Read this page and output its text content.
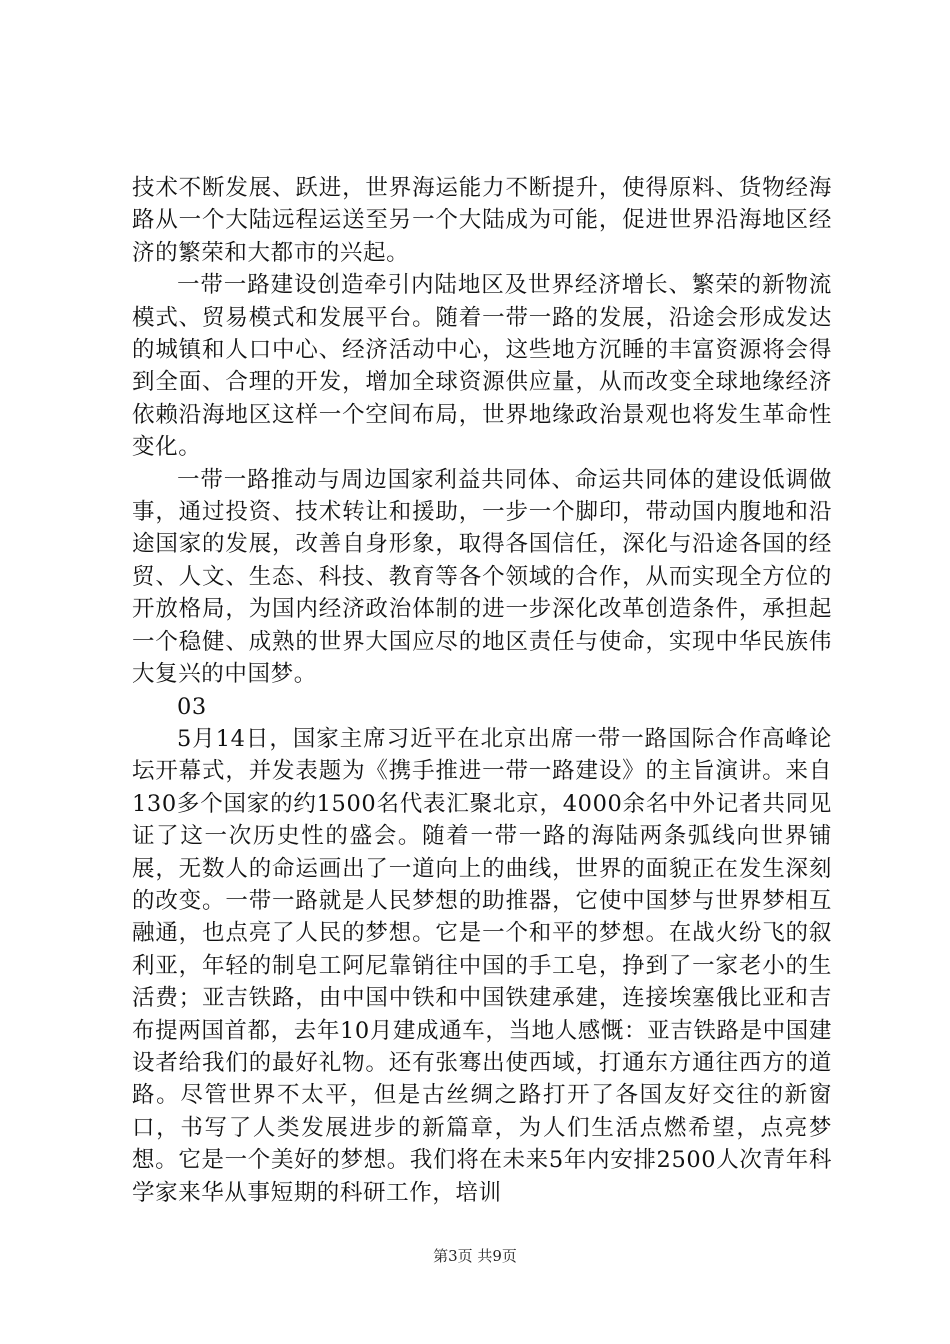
技术不断发展、跃进，世界海运能力不断提升，使得原料、货物经海路从一个大陆远程运送至另一个大陆成为可能，促进世界沿海地区经济的繁荣和大都市的兴起。

一带一路建设创造牵引内陆地区及世界经济增长、繁荣的新物流模式、贸易模式和发展平台。随着一带一路的发展，沿途会形成发达的城镇和人口中心、经济活动中心，这些地方沉睡的丰富资源将会得到全面、合理的开发，增加全球资源供应量，从而改变全球地缘经济依赖沿海地区这样一个空间布局，世界地缘政治景观也将发生革命性变化。

一带一路推动与周边国家利益共同体、命运共同体的建设低调做事，通过投资、技术转让和援助，一步一个脚印，带动国内腹地和沿途国家的发展，改善自身形象，取得各国信任，深化与沿途各国的经贸、人文、生态、科技、教育等各个领域的合作，从而实现全方位的开放格局，为国内经济政治体制的进一步深化改革创造条件，承担起一个稳健、成熟的世界大国应尽的地区责任与使命，实现中华民族伟大复兴的中国梦。

03

5月14日，国家主席习近平在北京出席一带一路国际合作高峰论坛开幕式，并发表题为《携手推进一带一路建设》的主旨演讲。来自130多个国家的约1500名代表汇聚北京，4000余名中外记者共同见证了这一次历史性的盛会。随着一带一路的海陆两条弧线向世界铺展，无数人的命运画出了一道向上的曲线，世界的面貌正在发生深刻的改变。一带一路就是人民梦想的助推器，它使中国梦与世界梦相互融通，也点亮了人民的梦想。它是一个和平的梦想。在战火纷飞的叙利亚，年轻的制皂工阿尼靠销往中国的手工皂，挣到了一家老小的生活费；亚吉铁路，由中国中铁和中国铁建承建，连接埃塞俄比亚和吉布提两国首都，去年10月建成通车，当地人感慨：亚吉铁路是中国建设者给我们的最好礼物。还有张骞出使西域，打通东方通往西方的道路。尽管世界不太平，但是古丝绸之路打开了各国友好交往的新窗口，书写了人类发展进步的新篇章，为人们生活点燃希望，点亮梦想。它是一个美好的梦想。我们将在未来5年内安排2500人次青年科学家来华从事短期的科研工作，培训

第3页 共9页
